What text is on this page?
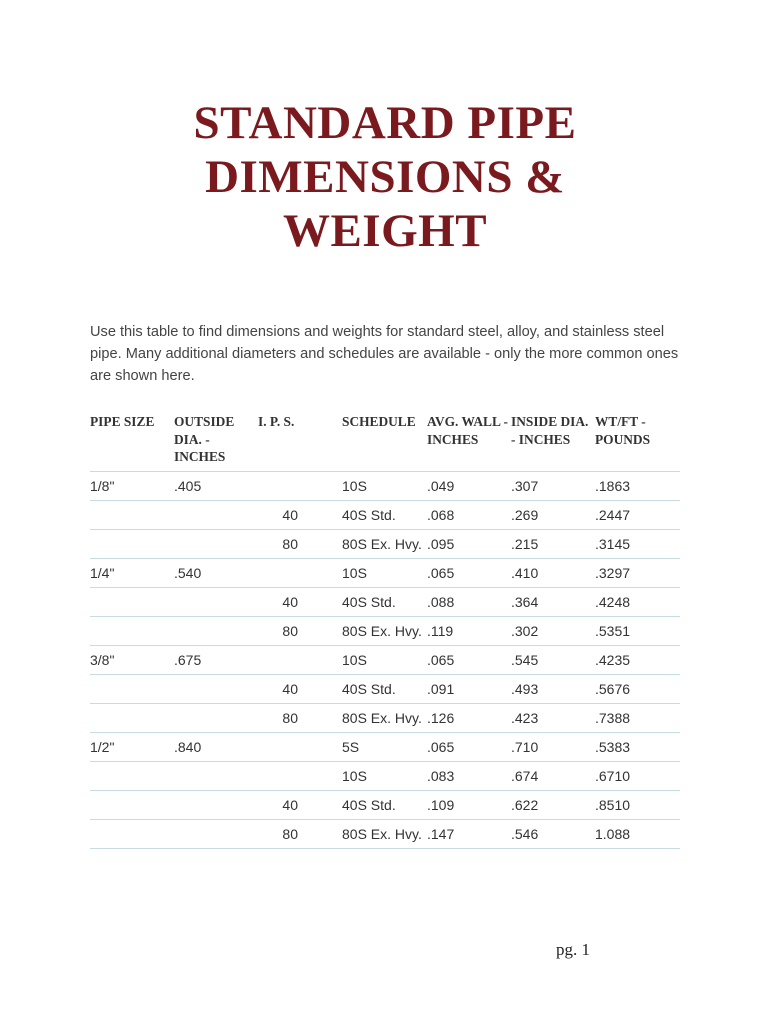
STANDARD PIPE
DIMENSIONS &
WEIGHT

Use this table to find dimensions and weights for standard steel, alloy, and stainless steel pipe. Many additional diameters and schedules are available - only the more common ones are shown here.

PIPE SIZE	OUTSIDE DIA. - INCHES	I. P. S.	SCHEDULE	AVG. WALL - INCHES	INSIDE DIA. - INCHES	WT/FT - POUNDS
1/8"	.405		10S	.049	.307	.1863
		40	40S Std.	.068	.269	.2447
		80	80S Ex. Hvy.	.095	.215	.3145
1/4"	.540		10S	.065	.410	.3297
		40	40S Std.	.088	.364	.4248
		80	80S Ex. Hvy.	.119	.302	.5351
3/8"	.675		10S	.065	.545	.4235
		40	40S Std.	.091	.493	.5676
		80	80S Ex. Hvy.	.126	.423	.7388
1/2"	.840		5S	.065	.710	.5383
			10S	.083	.674	.6710
		40	40S Std.	.109	.622	.8510
		80	80S Ex. Hvy.	.147	.546	1.088
pg. 1
